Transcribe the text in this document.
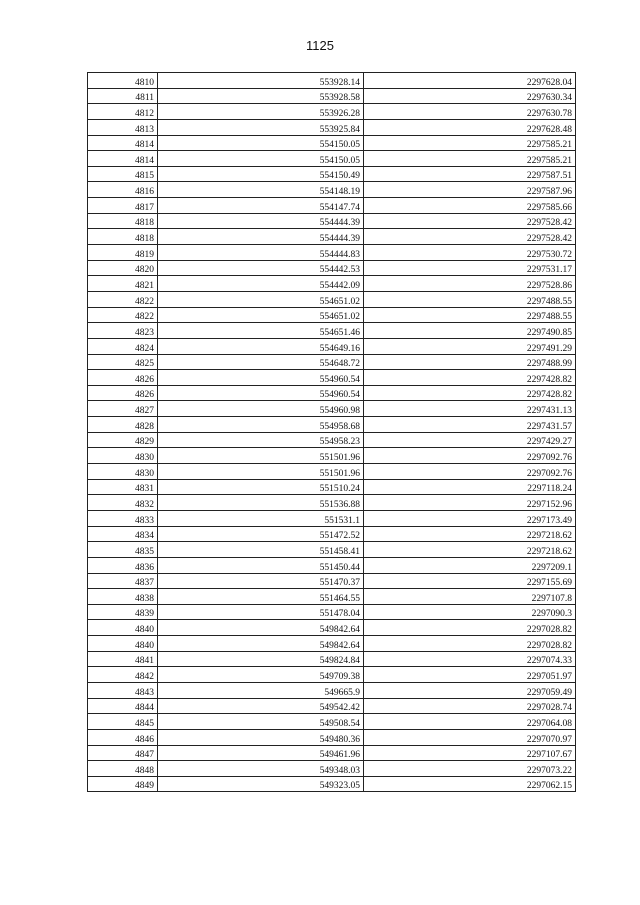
1125
4810	553928.14	2297628.04
4811	553928.58	2297630.34
4812	553926.28	2297630.78
4813	553925.84	2297628.48
4814	554150.05	2297585.21
4814	554150.05	2297585.21
4815	554150.49	2297587.51
4816	554148.19	2297587.96
4817	554147.74	2297585.66
4818	554444.39	2297528.42
4818	554444.39	2297528.42
4819	554444.83	2297530.72
4820	554442.53	2297531.17
4821	554442.09	2297528.86
4822	554651.02	2297488.55
4822	554651.02	2297488.55
4823	554651.46	2297490.85
4824	554649.16	2297491.29
4825	554648.72	2297488.99
4826	554960.54	2297428.82
4826	554960.54	2297428.82
4827	554960.98	2297431.13
4828	554958.68	2297431.57
4829	554958.23	2297429.27
4830	551501.96	2297092.76
4830	551501.96	2297092.76
4831	551510.24	2297118.24
4832	551536.88	2297152.96
4833	551531.1	2297173.49
4834	551472.52	2297218.62
4835	551458.41	2297218.62
4836	551450.44	2297209.1
4837	551470.37	2297155.69
4838	551464.55	2297107.8
4839	551478.04	2297090.3
4840	549842.64	2297028.82
4840	549842.64	2297028.82
4841	549824.84	2297074.33
4842	549709.38	2297051.97
4843	549665.9	2297059.49
4844	549542.42	2297028.74
4845	549508.54	2297064.08
4846	549480.36	2297070.97
4847	549461.96	2297107.67
4848	549348.03	2297073.22
4849	549323.05	2297062.15
